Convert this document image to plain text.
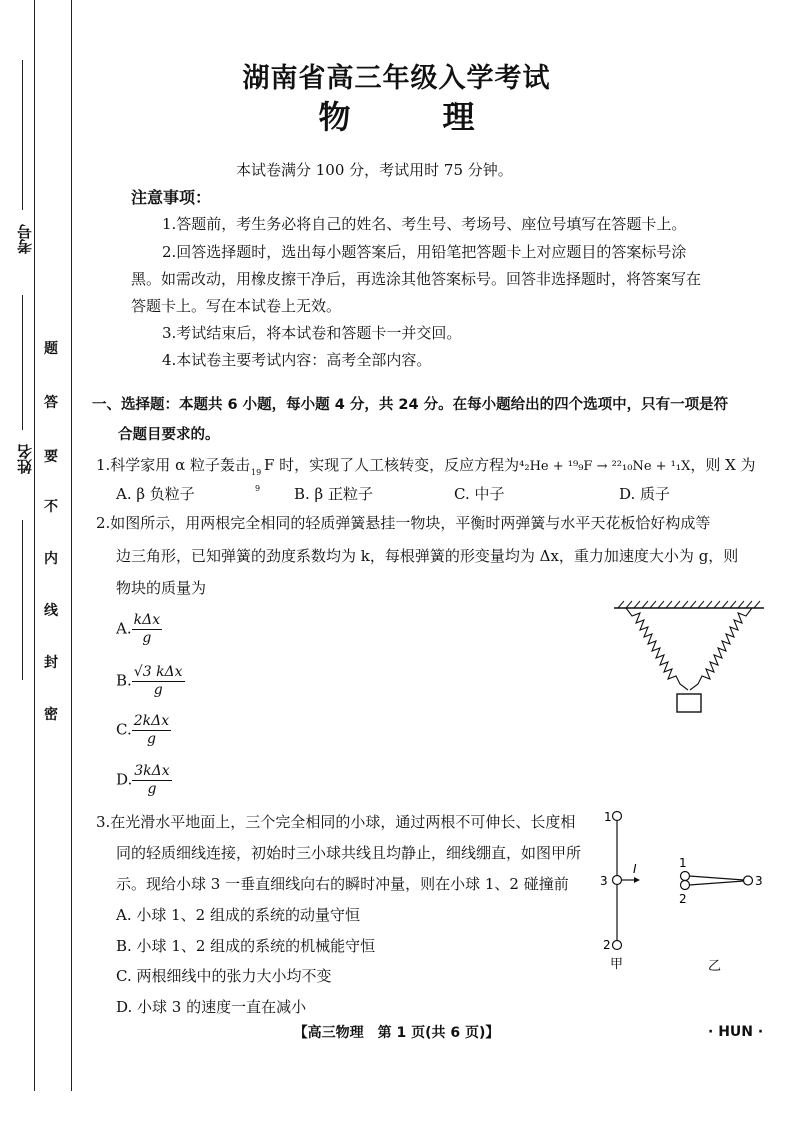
考号
姓名
题
答
要
不
内
线
封
密
湖南省高三年级入学考试
物	理
本试卷满分 100 分，考试用时 75 分钟。
注意事项：
1.答题前，考生务必将自己的姓名、考生号、考场号、座位号填写在答题卡上。
2.回答选择题时，选出每小题答案后，用铅笔把答题卡上对应题目的答案标号涂
黑。如需改动，用橡皮擦干净后，再选涂其他答案标号。回答非选择题时，将答案写在
答题卡上。写在本试卷上无效。
3.考试结束后，将本试卷和答题卡一并交回。
4.本试卷主要考试内容：高考全部内容。
一、选择题：本题共 6 小题，每小题 4 分，共 24 分。在每小题给出的四个选项中，只有一项是符
合题目要求的。
1.科学家用 α 粒子轰击 19
9
F 时，实现了人工核转变，反应方程为⁴₂He + ¹⁹₉F → ²²₁₀Ne + ¹₁X，则 X 为
A. β 负粒子	B. β 正粒子	C. 中子	D. 质子
2.如图所示，用两根完全相同的轻质弹簧悬挂一物块，平衡时两弹簧与水平天花板恰好构成等
边三角形，已知弹簧的劲度系数均为 k，每根弹簧的形变量均为 Δx，重力加速度大小为 g，则
物块的质量为
A. $\frac{\text{kΔx}}{g}$
B. $\frac{\text{√3 kΔx}}{g}$
C. $\frac{\text{2kΔx}}{g}$
D. $\frac{\text{3kΔx}}{g}$
3.在光滑水平地面上，三个完全相同的小球，通过两根不可伸长、长度相
同的轻质细线连接，初始时三小球共线且均静止，细线绷直，如图甲所
示。现给小球 3 一垂直细线向右的瞬时冲量，则在小球 1、2 碰撞前
A. 小球 1、2 组成的系统的动量守恒
B. 小球 1、2 组成的系统的机械能守恒
C. 两根细线中的张力大小均不变
D. 小球 3 的速度一直在减小
1
3
2
I
甲
1
2
3
乙
【高三物理　第 1 页(共 6 页)】	· HUN ·
